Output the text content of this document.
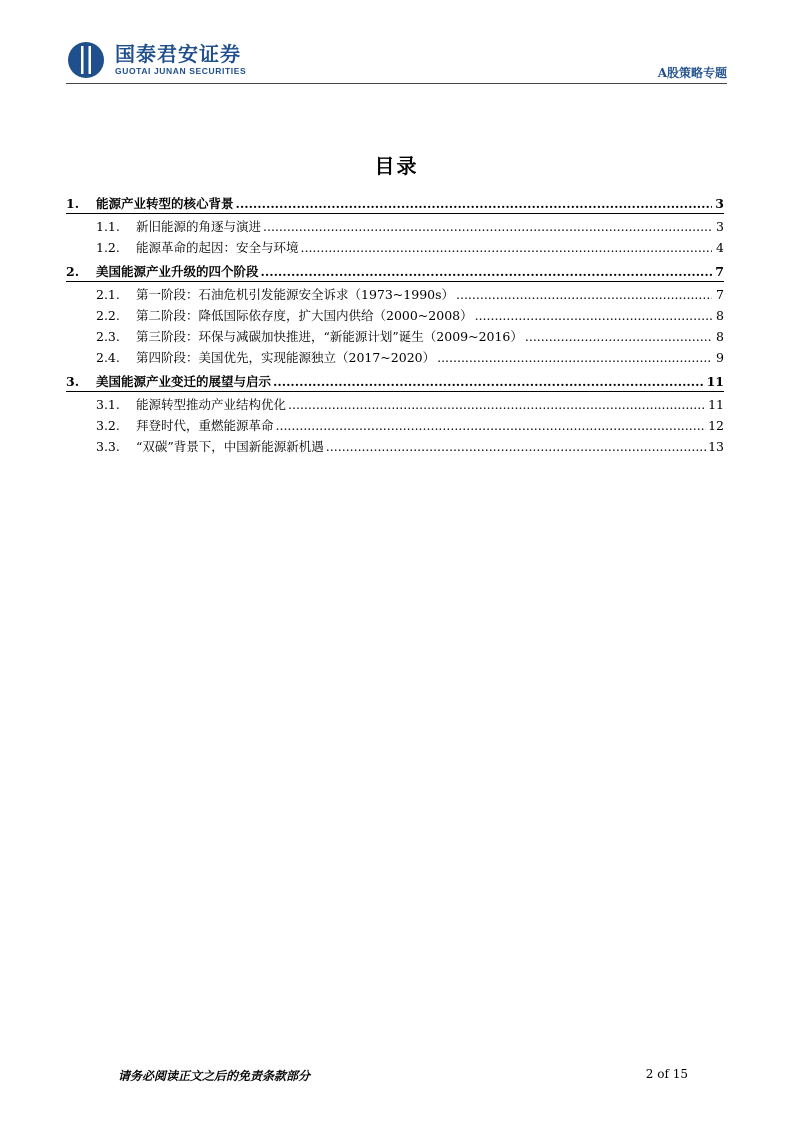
国泰君安证券
GUOTAI JUNAN SECURITIES	A股策略专题
目录
1.	能源产业转型的核心背景 .....	3
1.1.	新旧能源的角逐与演进 .....	3
1.2.	能源革命的起因：安全与环境 .....	4
2.	美国能源产业升级的四个阶段 .....	7
2.1.	第一阶段：石油危机引发能源安全诉求（1973~1990s） .....	7
2.2.	第二阶段：降低国际依存度，扩大国内供给（2000~2008） .....	8
2.3.	第三阶段：环保与减碳加快推进，“新能源计划”诞生（2009~2016） .....	8
2.4.	第四阶段：美国优先，实现能源独立（2017~2020） .....	9
3.	美国能源产业变迁的展望与启示 .....	11
3.1.	能源转型推动产业结构优化 .....	11
3.2.	拜登时代，重燃能源革命 .....	12
3.3.	“双碳”背景下，中国新能源新机遇 .....	13
请务必阅读正文之后的免责条款部分	2 of 15
